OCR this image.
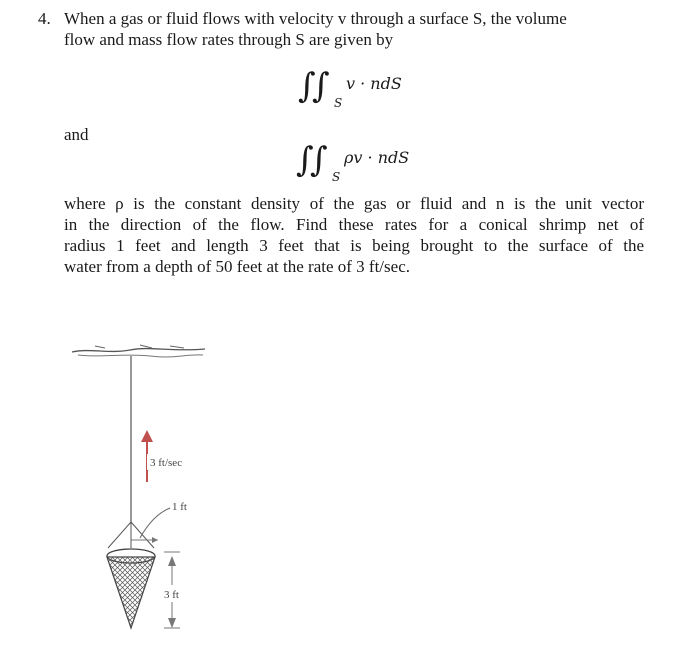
4. When a gas or fluid flows with velocity v through a surface S, the volume
flow and mass flow rates through S are given by
∫
∫ S
v · ndS
and
∫
∫ S
ρv · ndS
where ρ is the constant density of the gas or fluid and n is the unit vector
in the direction of the flow. Find these rates for a conical shrimp net of
radius 1 feet and length 3 feet that is being brought to the surface of the
water from a depth of 50 feet at the rate of 3 ft/sec.
3 ft/sec
1 ft
3 ft
